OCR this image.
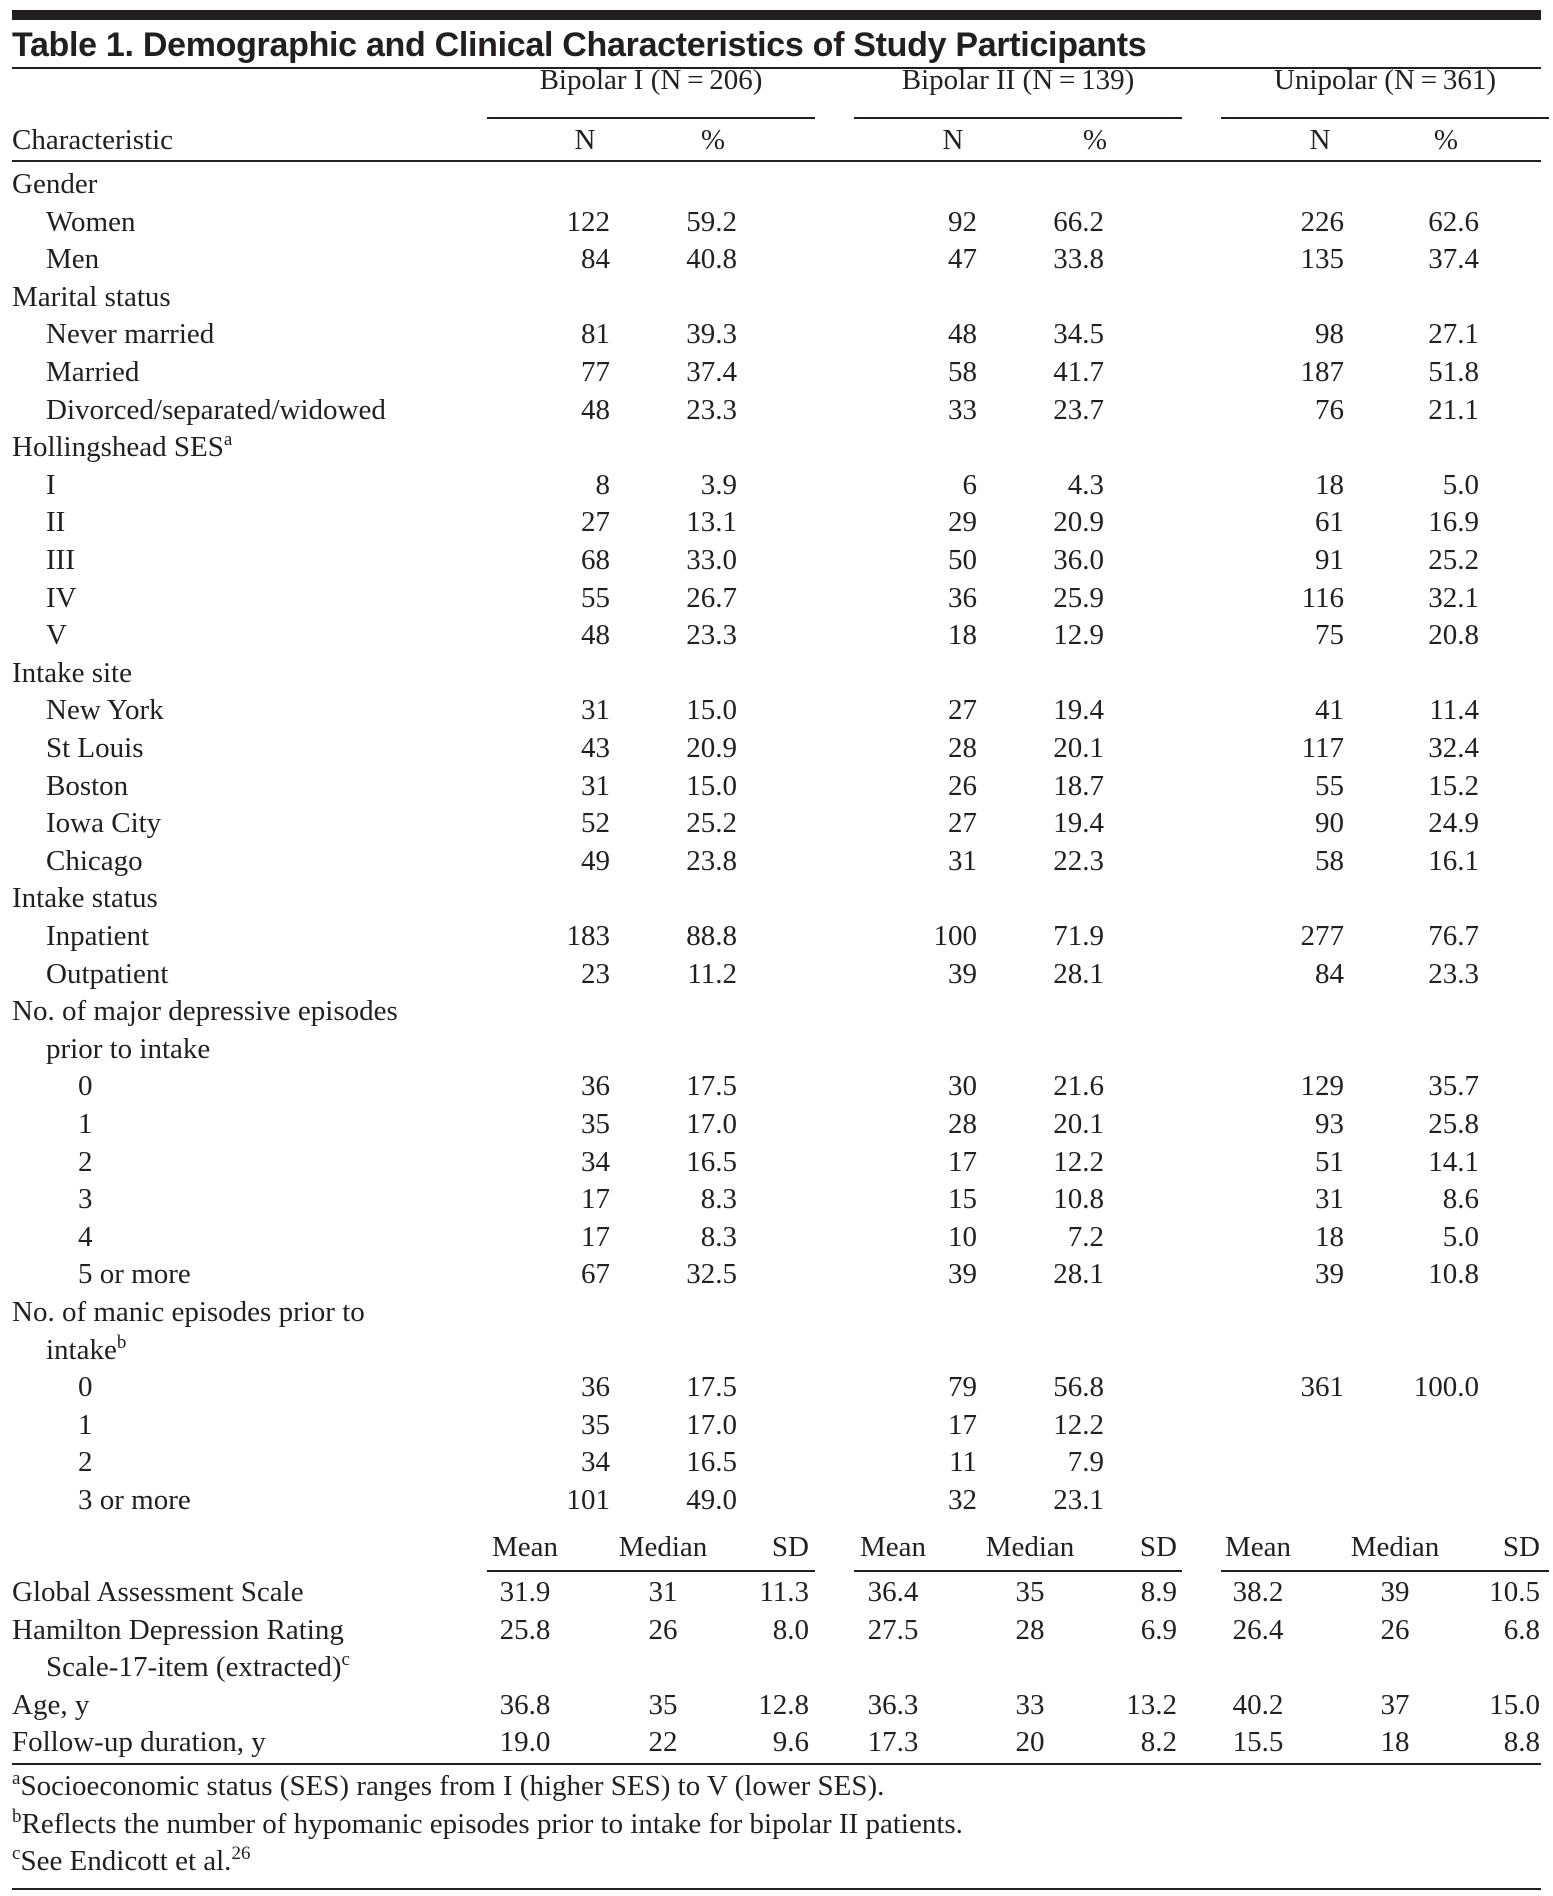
Table 1. Demographic and Clinical Characteristics of Study Participants
Bipolar I (N = 206)	Bipolar II (N = 139)	Unipolar (N = 361)
Characteristic	N	%	N	%	N	%
Gender
Women	122	59.2	92	66.2	226	62.6
Men	84	40.8	47	33.8	135	37.4
Marital status
Never married	81	39.3	48	34.5	98	27.1
Married	77	37.4	58	41.7	187	51.8
Divorced/separated/widowed	48	23.3	33	23.7	76	21.1
Hollingshead SES$^a$
I	8	3.9	6	4.3	18	5.0
II	27	13.1	29	20.9	61	16.9
III	68	33.0	50	36.0	91	25.2
IV	55	26.7	36	25.9	116	32.1
V	48	23.3	18	12.9	75	20.8
Intake site
New York	31	15.0	27	19.4	41	11.4
St Louis	43	20.9	28	20.1	117	32.4
Boston	31	15.0	26	18.7	55	15.2
Iowa City	52	25.2	27	19.4	90	24.9
Chicago	49	23.8	31	22.3	58	16.1
Intake status
Inpatient	183	88.8	100	71.9	277	76.7
Outpatient	23	11.2	39	28.1	84	23.3
No. of major depressive episodes
prior to intake
0	36	17.5	30	21.6	129	35.7
1	35	17.0	28	20.1	93	25.8
2	34	16.5	17	12.2	51	14.1
3	17	8.3	15	10.8	31	8.6
4	17	8.3	10	7.2	18	5.0
5 or more	67	32.5	39	28.1	39	10.8
No. of manic episodes prior to
intake$^b$
0	36	17.5	79	56.8	361	100.0
1	35	17.0	17	12.2
2	34	16.5	11	7.9
3 or more	101	49.0	32	23.1
Mean	Median	SD	Mean	Median	SD	Mean	Median	SD
Global Assessment Scale	31.9	31	11.3	36.4	35	8.9	38.2	39	10.5
Hamilton Depression Rating	25.8	26	8.0	27.5	28	6.9	26.4	26	6.8
Scale-17-item (extracted)$^c$
Age, y	36.8	35	12.8	36.3	33	13.2	40.2	37	15.0
Follow-up duration, y	19.0	22	9.6	17.3	20	8.2	15.5	18	8.8
$^a$Socioeconomic status (SES) ranges from I (higher SES) to V (lower SES).
$^b$Reflects the number of hypomanic episodes prior to intake for bipolar II patients.
$^c$See Endicott et al.$^{26}$
